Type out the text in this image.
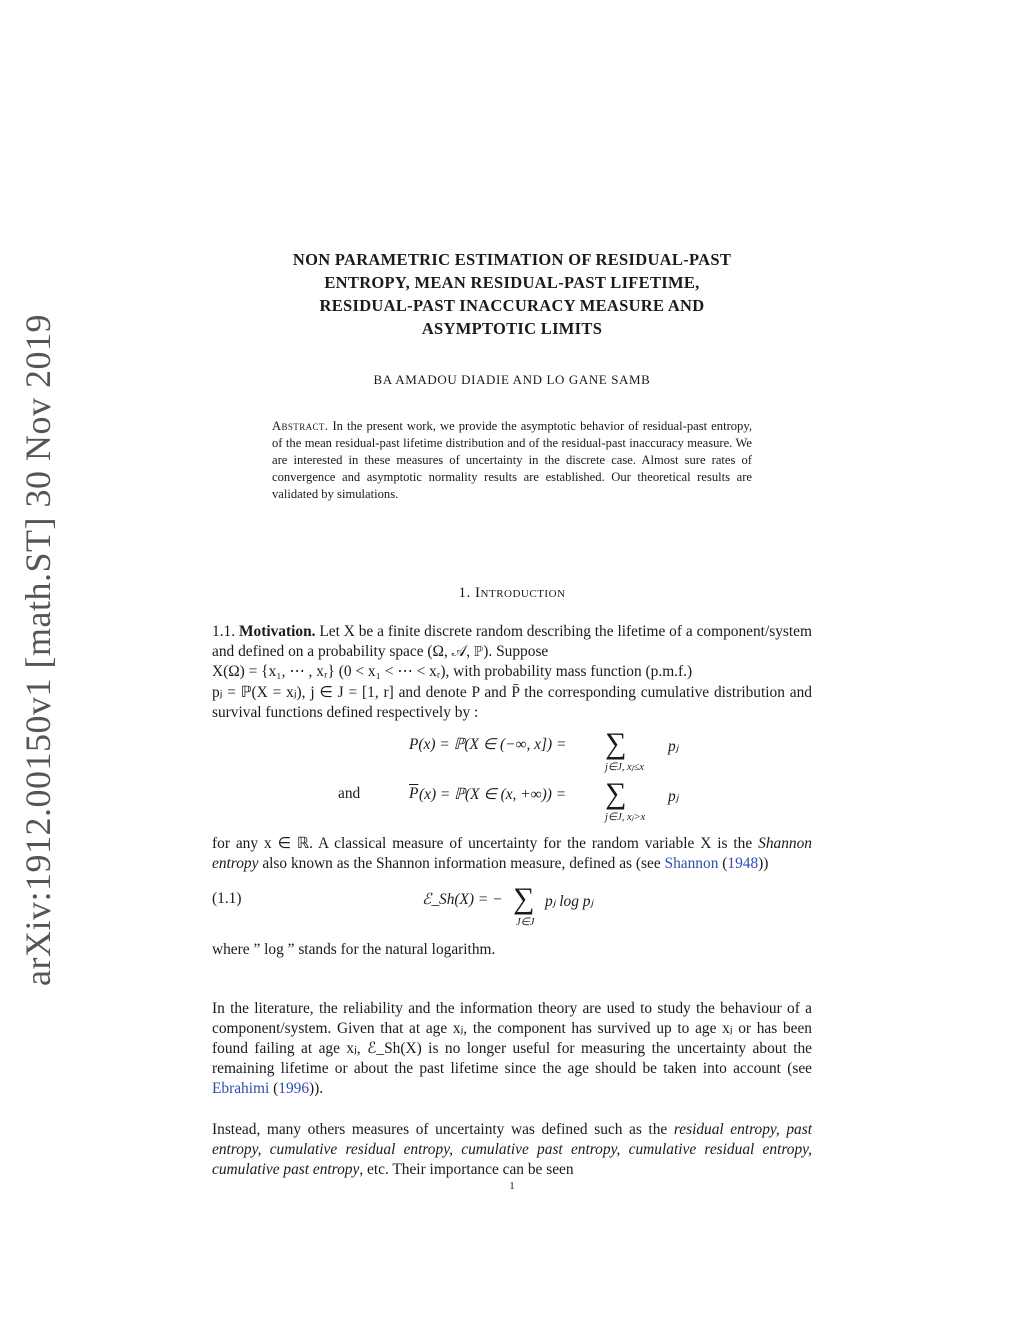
arXiv:1912.00150v1 [math.ST] 30 Nov 2019
NON PARAMETRIC ESTIMATION OF RESIDUAL-PAST
ENTROPY, MEAN RESIDUAL-PAST LIFETIME,
RESIDUAL-PAST INACCURACY MEASURE AND
ASYMPTOTIC LIMITS
BA AMADOU DIADIE AND LO GANE SAMB
Abstract. In the present work, we provide the asymptotic behavior of residual-past entropy, of the mean residual-past lifetime distribution and of the residual-past inaccuracy measure. We are interested in these measures of uncertainty in the discrete case. Almost sure rates of convergence and asymptotic normality results are established. Our theoretical results are validated by simulations.
1. Introduction

1.1. Motivation. Let X be a finite discrete random describing the lifetime of a component/system and defined on a probability space (Ω, 𝒜, ℙ). Suppose
X(Ω) = {x₁, ⋯ , xᵣ} (0 < x₁ < ⋯ < xᵣ), with probability mass function (p.m.f.)
pⱼ = ℙ(X = xⱼ), j ∈ J = [1, r] and denote P and P̄ the corresponding cumulative distribution and survival functions defined respectively by :

P(x) = ℙ(X ∈ (−∞, x]) = ∑
j∈J, xⱼ≤x
pⱼ
and	$\overline{P}$ (x) = ℙ(X ∈ (x, +∞)) = ∑
j∈J, xⱼ>x
pⱼ

for any x ∈ ℝ. A classical measure of uncertainty for the random variable X is the Shannon entropy also known as the Shannon information measure, defined as (see Shannon (1948))

(1.1)	ℰ_Sh(X) = − ∑
J∈J
pⱼ log pⱼ

where ” log ” stands for the natural logarithm.

In the literature, the reliability and the information theory are used to study the behaviour of a component/system. Given that at age xⱼ, the component has survived up to age xⱼ or has been found failing at age xⱼ, ℰ_Sh(X) is no longer useful for measuring the uncertainty about the remaining lifetime or about the past lifetime since the age should be taken into account (see Ebrahimi (1996)).

Instead, many others measures of uncertainty was defined such as the residual entropy, past entropy, cumulative residual entropy, cumulative past entropy, cumulative residual entropy, cumulative past entropy, etc. Their importance can be seen

1
